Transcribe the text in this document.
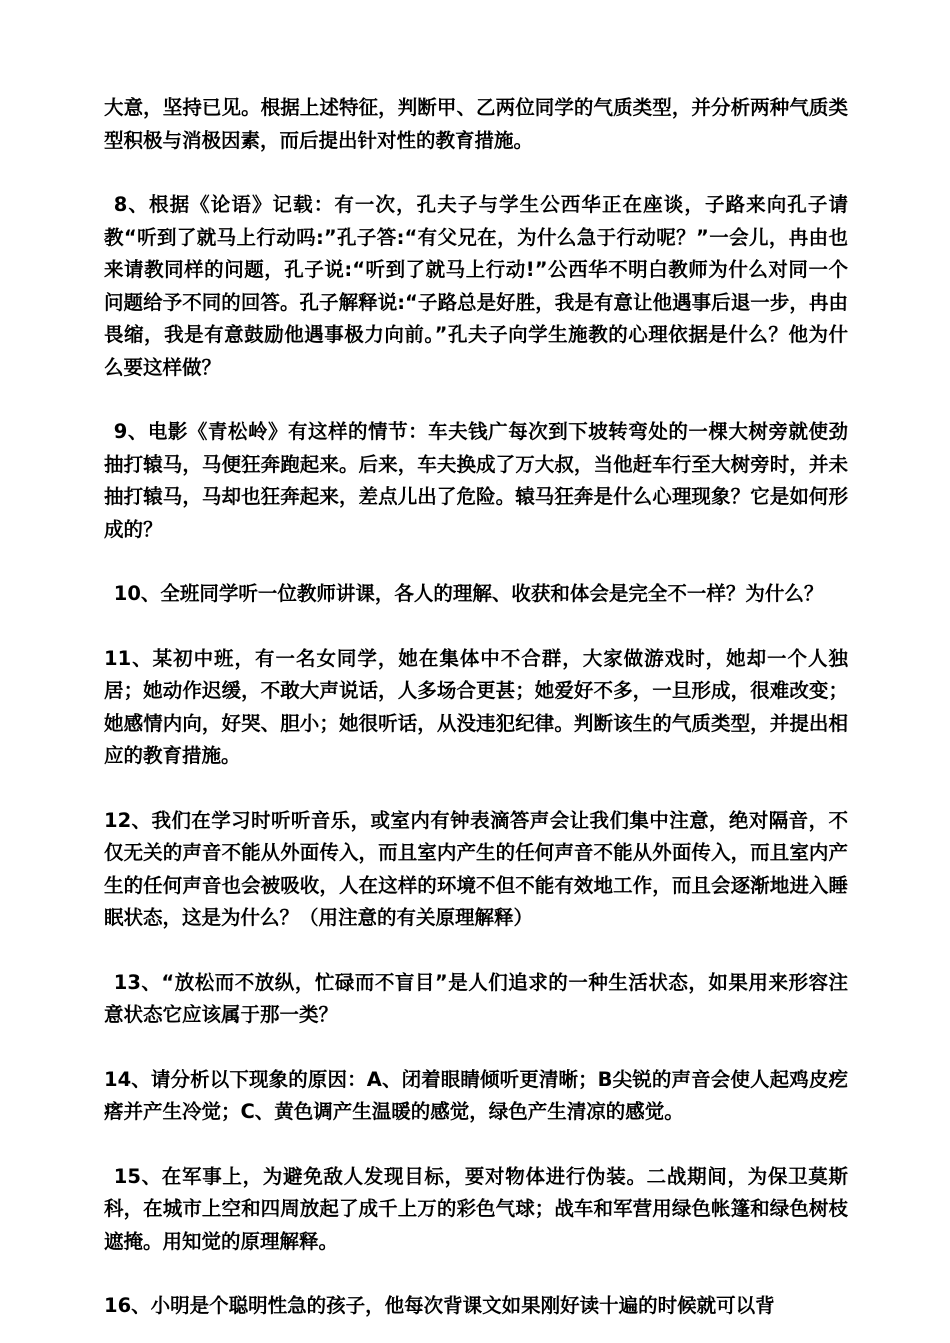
大意，坚持已见。根据上述特征，判断甲、乙两位同学的气质类型，并分析两种气质类型积极与消极因素，而后提出针对性的教育措施。

8、根据《论语》记载：有一次，孔夫子与学生公西华正在座谈，子路来向孔子请教“听到了就马上行动吗:”孔子答:“有父兄在，为什么急于行动呢？”一会儿，冉由也来请教同样的问题，孔子说:“听到了就马上行动!”公西华不明白教师为什么对同一个问题给予不同的回答。孔子解释说:“子路总是好胜，我是有意让他遇事后退一步，冉由畏缩，我是有意鼓励他遇事极力向前。”孔夫子向学生施教的心理依据是什么？他为什么要这样做？

9、电影《青松岭》有这样的情节：车夫钱广每次到下坡转弯处的一棵大树旁就使劲抽打辕马，马便狂奔跑起来。后来，车夫换成了万大叔，当他赶车行至大树旁时，并未抽打辕马，马却也狂奔起来，差点儿出了危险。辕马狂奔是什么心理现象？它是如何形成的？

10、全班同学听一位教师讲课，各人的理解、收获和体会是完全不一样？为什么？

11、某初中班，有一名女同学，她在集体中不合群，大家做游戏时，她却一个人独居；她动作迟缓，不敢大声说话，人多场合更甚；她爱好不多，一旦形成，很难改变；她感情内向，好哭、胆小；她很听话，从没违犯纪律。判断该生的气质类型，并提出相应的教育措施。

12、我们在学习时听听音乐，或室内有钟表滴答声会让我们集中注意，绝对隔音，不仅无关的声音不能从外面传入，而且室内产生的任何声音不能从外面传入，而且室内产生的任何声音也会被吸收，人在这样的环境不但不能有效地工作，而且会逐渐地进入睡眠状态，这是为什么？（用注意的有关原理解释）

13、“放松而不放纵，忙碌而不盲目”是人们追求的一种生活状态，如果用来形容注意状态它应该属于那一类？

14、请分析以下现象的原因：A、闭着眼睛倾听更清晰；B尖锐的声音会使人起鸡皮疙瘩并产生冷觉；C、黄色调产生温暖的感觉，绿色产生清凉的感觉。

15、在军事上，为避免敌人发现目标，要对物体进行伪装。二战期间，为保卫莫斯科，在城市上空和四周放起了成千上万的彩色气球；战车和军营用绿色帐篷和绿色树枝遮掩。用知觉的原理解释。

16、小明是个聪明性急的孩子，他每次背课文如果刚好读十遍的时候就可以背
